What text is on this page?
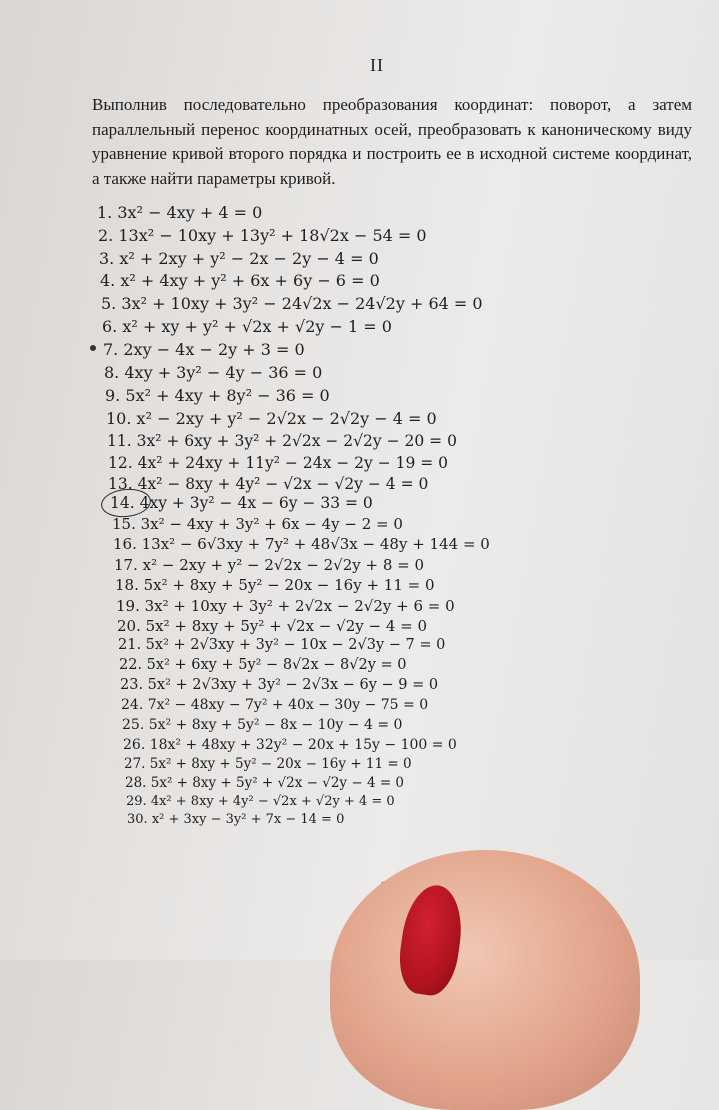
II

Выполнив последовательно преобразования координат: поворот, а затем параллельный перенос координатных осей, преобразовать к каноническому виду уравнение кривой второго порядка и построить ее в исходной системе координат, а также найти параметры кривой.

1. 3x² − 4xy + 4 = 0
2. 13x² − 10xy + 13y² + 18√2x − 54 = 0
3. x² + 2xy + y² − 2x − 2y − 4 = 0
4. x² + 4xy + y² + 6x + 6y − 6 = 0
5. 3x² + 10xy + 3y² − 24√2x − 24√2y + 64 = 0
6. x² + xy + y² + √2x + √2y − 1 = 0
7. 2xy − 4x − 2y + 3 = 0
8. 4xy + 3y² − 4y − 36 = 0
9. 5x² + 4xy + 8y² − 36 = 0
10. x² − 2xy + y² − 2√2x − 2√2y − 4 = 0
11. 3x² + 6xy + 3y² + 2√2x − 2√2y − 20 = 0
12. 4x² + 24xy + 11y² − 24x − 2y − 19 = 0
13. 4x² − 8xy + 4y² − √2x − √2y − 4 = 0
14. 4xy + 3y² − 4x − 6y − 33 = 0
15. 3x² − 4xy + 3y² + 6x − 4y − 2 = 0
16. 13x² − 6√3xy + 7y² + 48√3x − 48y + 144 = 0
17. x² − 2xy + y² − 2√2x − 2√2y + 8 = 0
18. 5x² + 8xy + 5y² − 20x − 16y + 11 = 0
19. 3x² + 10xy + 3y² + 2√2x − 2√2y + 6 = 0
20. 5x² + 8xy + 5y² + √2x − √2y − 4 = 0
21. 5x² + 2√3xy + 3y² − 10x − 2√3y − 7 = 0
22. 5x² + 6xy + 5y² − 8√2x − 8√2y = 0
23. 5x² + 2√3xy + 3y² − 2√3x − 6y − 9 = 0
24. 7x² − 48xy − 7y² + 40x − 30y − 75 = 0
25. 5x² + 8xy + 5y² − 8x − 10y − 4 = 0
26. 18x² + 48xy + 32y² − 20x + 15y − 100 = 0
27. 5x² + 8xy + 5y² − 20x − 16y + 11 = 0
28. 5x² + 8xy + 5y² + √2x − √2y − 4 = 0
29. 4x² + 8xy + 4y² − √2x + √2y + 4 = 0
30. x² + 3xy − 3y² + 7x − 14 = 0
